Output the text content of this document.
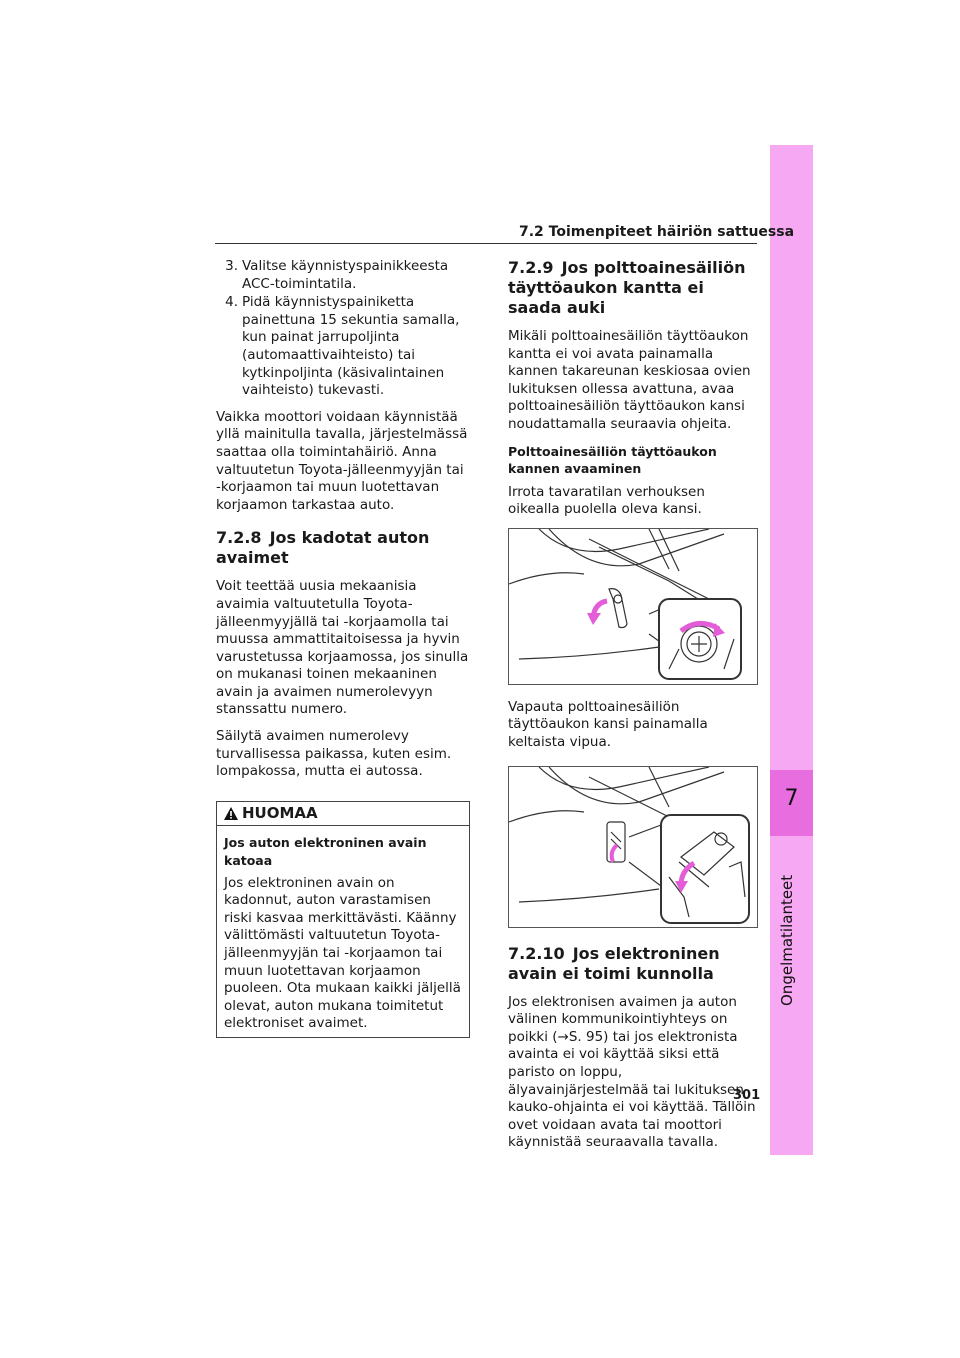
7
Ongelmatilanteet
7.2 Toimenpiteet häiriön sattuessa
3. Valitse käynnistyspainikkeesta ACC-toimintatila.
4. Pidä käynnistyspainiketta painettuna 15 sekuntia samalla, kun painat jarrupoljinta (automaattivaihteisto) tai kytkinpoljinta (käsivalintainen vaihteisto) tukevasti.

Vaikka moottori voidaan käynnistää yllä mainitulla tavalla, järjestelmässä saattaa olla toimintahäiriö. Anna valtuutetun Toyota-jälleenmyyjän tai -korjaamon tai muun luotettavan korjaamon tarkastaa auto.

7.2.8 Jos kadotat auton avaimet

Voit teettää uusia mekaanisia avaimia valtuutetulla Toyota-jälleenmyyjällä tai -korjaamolla tai muussa ammattitaitoisessa ja hyvin varustetussa korjaamossa, jos sinulla on mukanasi toinen mekaaninen avain ja avaimen numerolevyyn stanssattu numero.

Säilytä avaimen numerolevy turvallisessa paikassa, kuten esim. lompakossa, mutta ei autossa.

HUOMAA
Jos auton elektroninen avain katoaa
Jos elektroninen avain on kadonnut, auton varastamisen riski kasvaa merkittävästi. Käänny välittömästi valtuutetun Toyota-jälleenmyyjän tai -korjaamon tai muun luotettavan korjaamon puoleen. Ota mukaan kaikki jäljellä olevat, auton mukana toimitetut elektroniset avaimet.
7.2.9 Jos polttoainesäiliön täyttöaukon kantta ei saada auki

Mikäli polttoainesäiliön täyttöaukon kantta ei voi avata painamalla kannen takareunan keskiosaa ovien lukituksen ollessa avattuna, avaa polttoainesäiliön täyttöaukon kansi noudattamalla seuraavia ohjeita.

Polttoainesäiliön täyttöaukon kannen avaaminen

Irrota tavaratilan verhouksen oikealla puolella oleva kansi.

Vapauta polttoainesäiliön täyttöaukon kansi painamalla keltaista vipua.

7.2.10 Jos elektroninen avain ei toimi kunnolla

Jos elektronisen avaimen ja auton välinen kommunikointiyhteys on poikki (→S. 95) tai jos elektronista avainta ei voi käyttää siksi että paristo on loppu, älyavainjärjestelmää tai lukituksen kauko-ohjainta ei voi käyttää. Tällöin ovet voidaan avata tai moottori käynnistää seuraavalla tavalla.

301
